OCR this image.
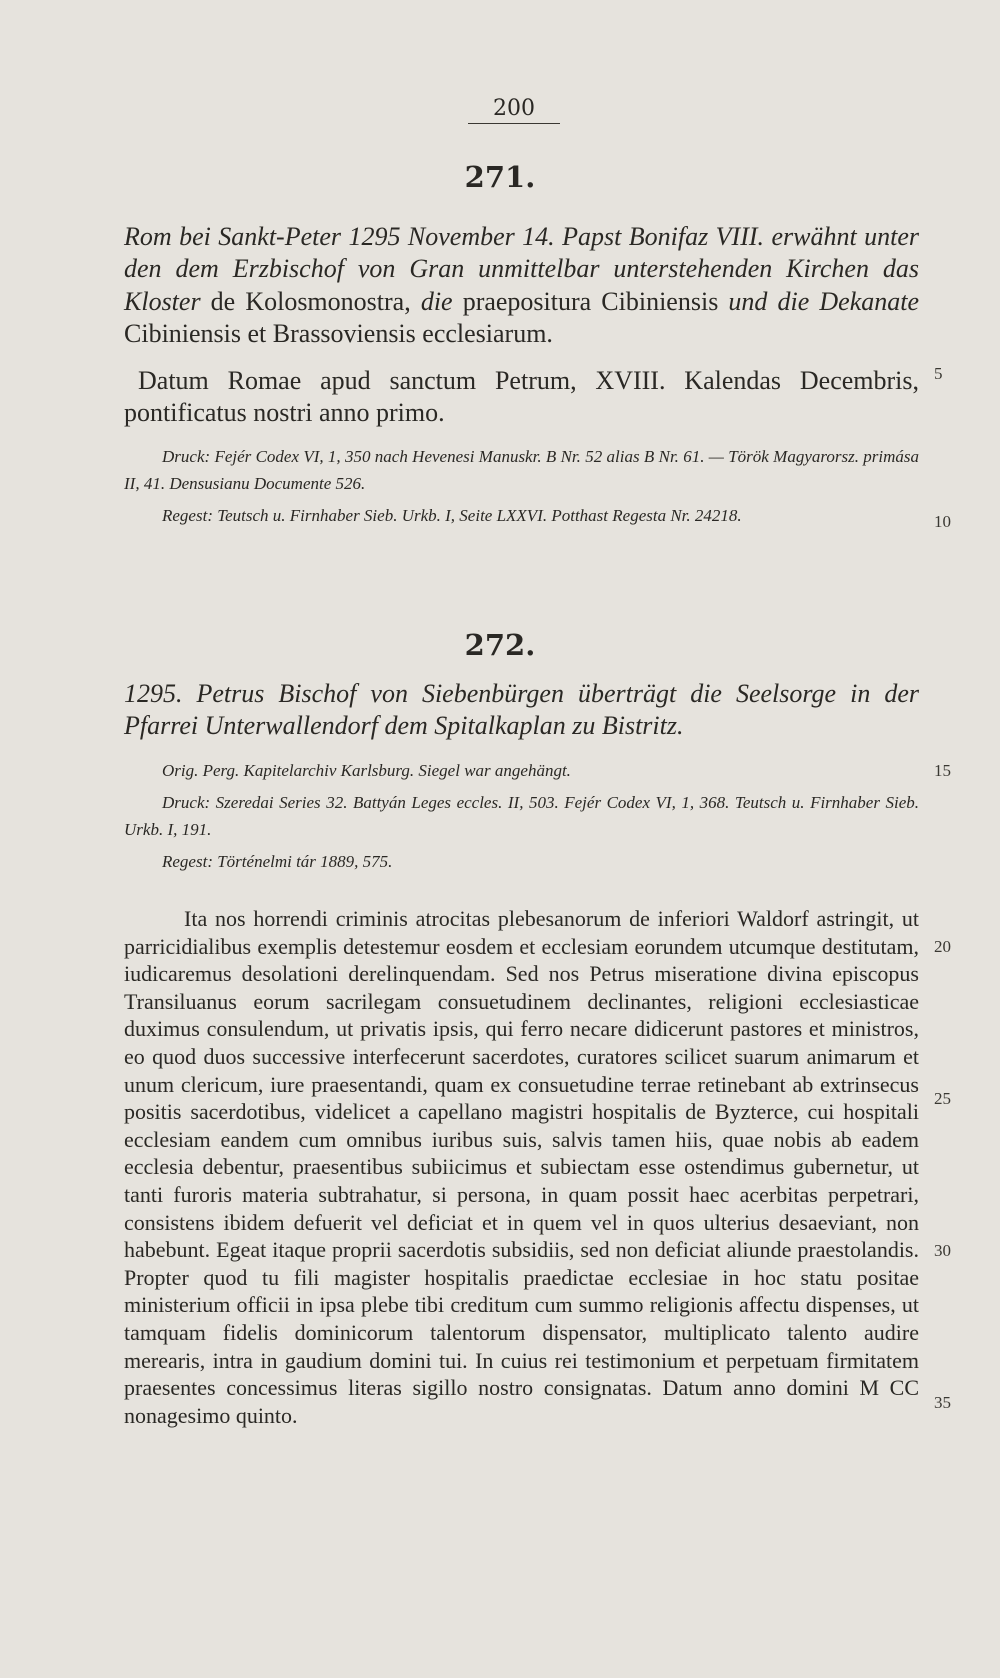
200
271.
Rom bei Sankt-Peter 1295 November 14. Papst Bonifaz VIII. erwähnt unter den dem Erzbischof von Gran unmittelbar unterstehenden Kirchen das Kloster de Kolosmonostra, die praepositura Cibiniensis und die Dekanate Cibiniensis et Brassoviensis ecclesiarum.
Datum Romae apud sanctum Petrum, XVIII. Kalendas Decembris, pontificatus nostri anno primo.
Druck: Fejér Codex VI, 1, 350 nach Hevenesi Manuskr. B Nr. 52 alias B Nr. 61. — Török Magyarorsz. primása II, 41. Densusianu Documente 526.
Regest: Teutsch u. Firnhaber Sieb. Urkb. I, Seite LXXVI. Potthast Regesta Nr. 24218.
272.
1295. Petrus Bischof von Siebenbürgen überträgt die Seelsorge in der Pfarrei Unterwallendorf dem Spitalkaplan zu Bistritz.
Orig. Perg. Kapitelarchiv Karlsburg. Siegel war angehängt.
Druck: Szeredai Series 32. Battyán Leges eccles. II, 503. Fejér Codex VI, 1, 368. Teutsch u. Firnhaber Sieb. Urkb. I, 191.
Regest: Történelmi tár 1889, 575.
Ita nos horrendi criminis atrocitas plebesanorum de inferiori Waldorf astringit, ut parricidialibus exemplis detestemur eosdem et ecclesiam eorundem utcumque destitutam, iudicaremus desolationi derelinquendam. Sed nos Petrus miseratione divina episcopus Transiluanus eorum sacrilegam consuetudinem declinantes, religioni ecclesiasticae duximus consulendum, ut privatis ipsis, qui ferro necare didicerunt pastores et ministros, eo quod duos successive interfecerunt sacerdotes, curatores scilicet suarum animarum et unum clericum, iure praesentandi, quam ex consuetudine terrae retinebant ab extrinsecus positis sacerdotibus, videlicet a capellano magistri hospitalis de Byzterce, cui hospitali ecclesiam eandem cum omnibus iuribus suis, salvis tamen hiis, quae nobis ab eadem ecclesia debentur, praesentibus subiicimus et subiectam esse ostendimus gubernetur, ut tanti furoris materia subtrahatur, si persona, in quam possit haec acerbitas perpetrari, consistens ibidem defuerit vel deficiat et in quem vel in quos ulterius desaeviant, non habebunt. Egeat itaque proprii sacerdotis subsidiis, sed non deficiat aliunde praestolandis. Propter quod tu fili magister hospitalis praedictae ecclesiae in hoc statu positae ministerium officii in ipsa plebe tibi creditum cum summo religionis affectu dispenses, ut tamquam fidelis dominicorum talentorum dispensator, multiplicato talento audire merearis, intra in gaudium domini tui. In cuius rei testimonium et perpetuam firmitatem praesentes concessimus literas sigillo nostro consignatas. Datum anno domini M CC nonagesimo quinto.
5
10
15
20
25
30
35
